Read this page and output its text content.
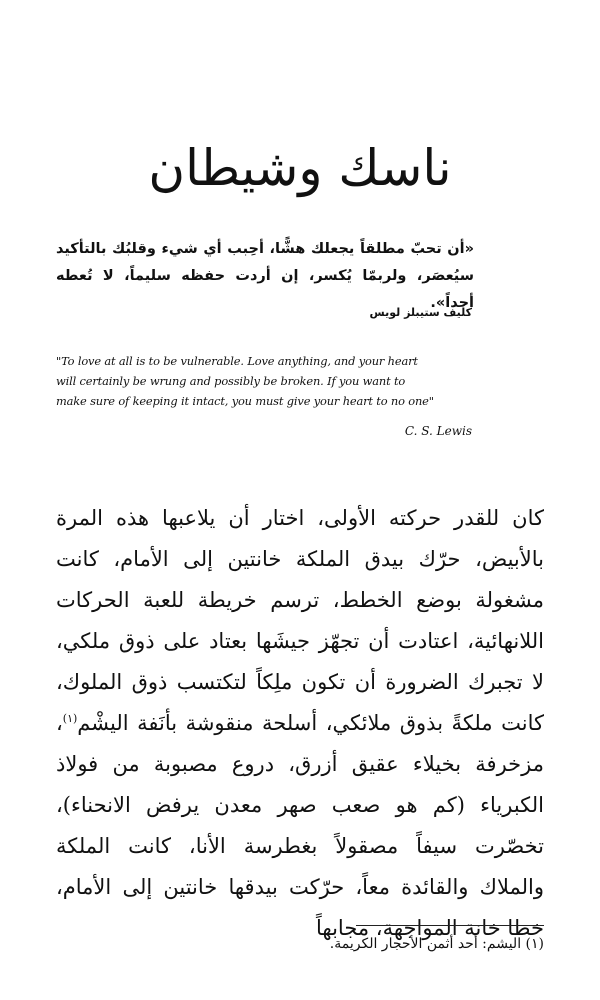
ناسك وشيطان

«أن تحبّ مطلقاً يجعلك هشًّا، أحِبب أي شيء وقلبُك بالتأكيد سيُعصَر، ولربمّا يُكسر، إن أردت حفظه سليماً، لا تُعطه أحداً».

كليف ستيبلز لويس

"To love at all is to be vulnerable. Love anything, and your heart
will certainly be wrung and possibly be broken. If you want to
make sure of keeping it intact, you must give your heart to no one"

C. S. Lewis

كان للقدر حركته الأولى، اختار أن يلاعبها هذه المرة بالأبيض، حرّك بيدق الملكة خانتين إلى الأمام، كانت مشغولة بوضع الخطط، ترسم خريطة للعبة الحركات اللانهائية، اعتادت أن تجهّز جيشَها بعتاد على ذوق ملكي، لا تجبرك الضرورة أن تكون ملِكاً لتكتسب ذوق الملوك، كانت ملكةً بذوق ملائكي، أسلحة منقوشة بأنَفة اليشْم$^{(١)}$، مزخرفة بخيلاء عقيق أزرق، دروع مصبوبة من فولاذ الكبرياء (كم هو صعب صهر معدن يرفض الانحناء)، تخصّرت سيفاً مصقولاً بغطرسة الأنا، كانت الملكة والملاك والقائدة معاً، حرّكت بيدقها خانتين إلى الأمام، خطا خانة المواجهة، مجابهاً

(١) اليشم: أحد أثمن الأحجار الكريمة.
